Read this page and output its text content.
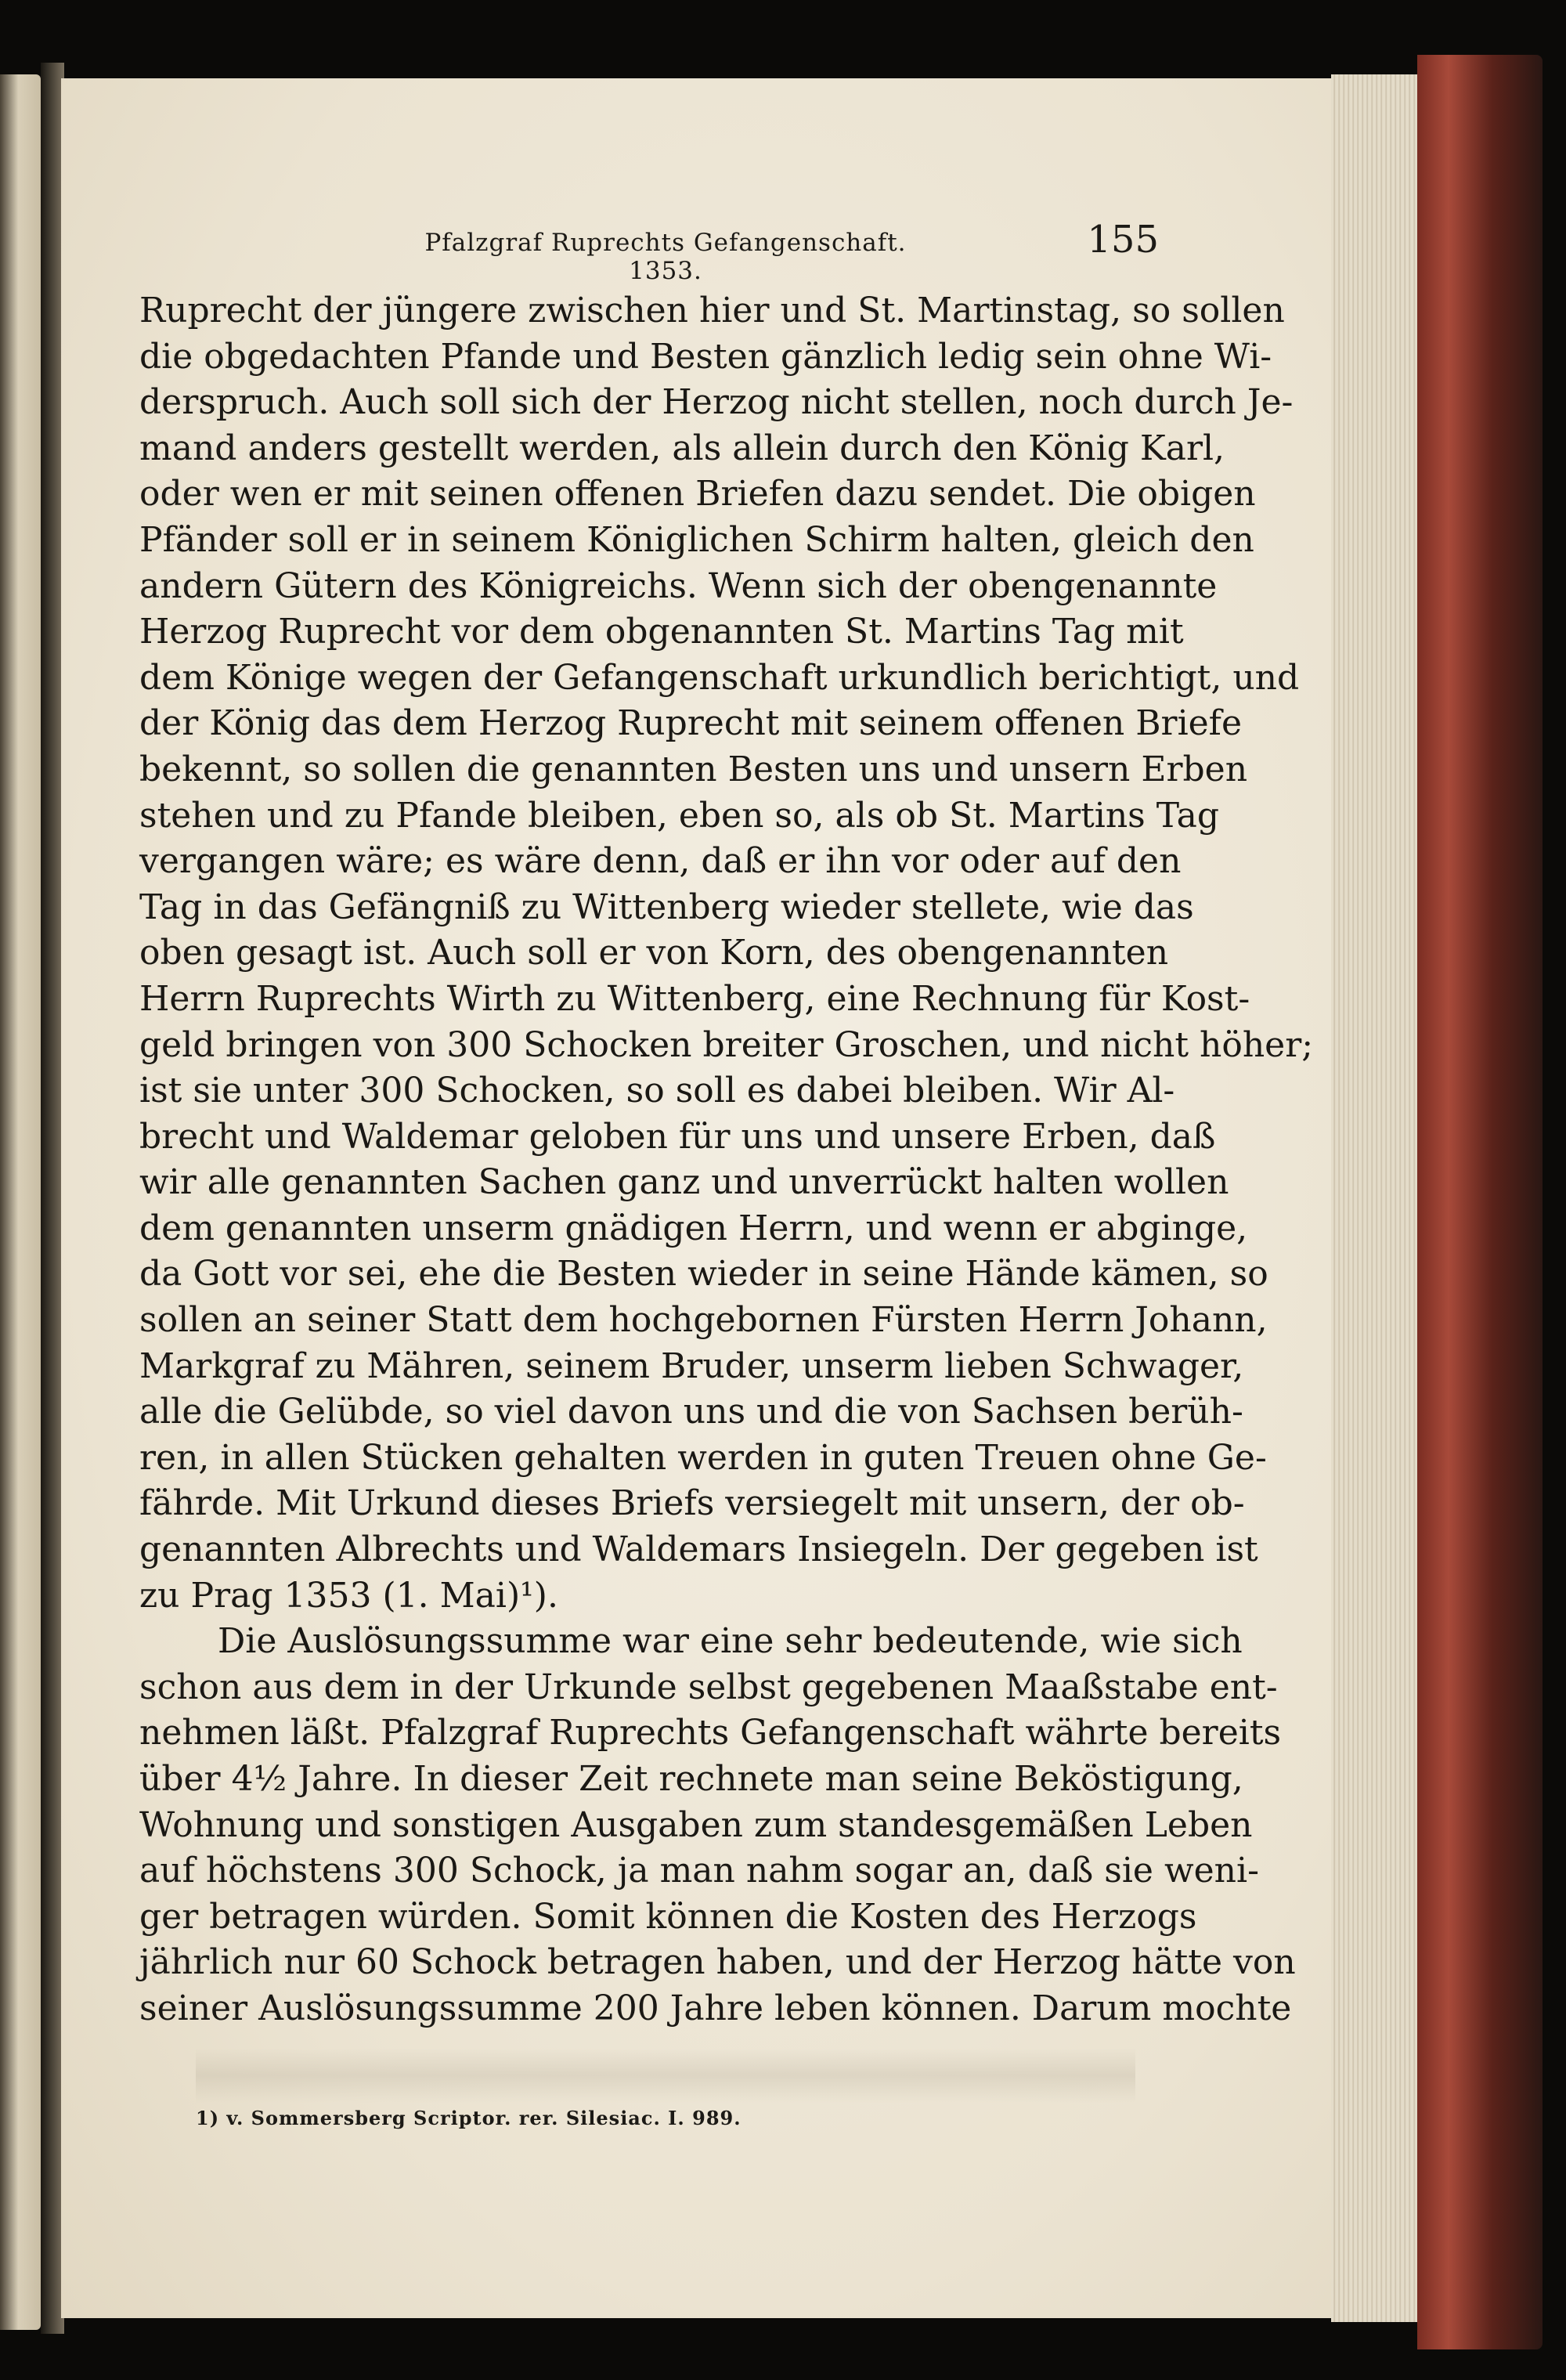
Pfalzgraf Ruprechts Gefangenschaft. 1353.
155
Ruprecht der jüngere zwischen hier und St. Martinstag, so sollen
die obgedachten Pfande und Besten gänzlich ledig sein ohne Wi-
derspruch. Auch soll sich der Herzog nicht stellen, noch durch Je-
mand anders gestellt werden, als allein durch den König Karl,
oder wen er mit seinen offenen Briefen dazu sendet. Die obigen
Pfänder soll er in seinem Königlichen Schirm halten, gleich den
andern Gütern des Königreichs. Wenn sich der obengenannte
Herzog Ruprecht vor dem obgenannten St. Martins Tag mit
dem Könige wegen der Gefangenschaft urkundlich berichtigt, und
der König das dem Herzog Ruprecht mit seinem offenen Briefe
bekennt, so sollen die genannten Besten uns und unsern Erben
stehen und zu Pfande bleiben, eben so, als ob St. Martins Tag
vergangen wäre; es wäre denn, daß er ihn vor oder auf den
Tag in das Gefängniß zu Wittenberg wieder stellete, wie das
oben gesagt ist. Auch soll er von Korn, des obengenannten
Herrn Ruprechts Wirth zu Wittenberg, eine Rechnung für Kost-
geld bringen von 300 Schocken breiter Groschen, und nicht höher;
ist sie unter 300 Schocken, so soll es dabei bleiben. Wir Al-
brecht und Waldemar geloben für uns und unsere Erben, daß
wir alle genannten Sachen ganz und unverrückt halten wollen
dem genannten unserm gnädigen Herrn, und wenn er abginge,
da Gott vor sei, ehe die Besten wieder in seine Hände kämen, so
sollen an seiner Statt dem hochgebornen Fürsten Herrn Johann,
Markgraf zu Mähren, seinem Bruder, unserm lieben Schwager,
alle die Gelübde, so viel davon uns und die von Sachsen berüh-
ren, in allen Stücken gehalten werden in guten Treuen ohne Ge-
fährde. Mit Urkund dieses Briefs versiegelt mit unsern, der ob-
genannten Albrechts und Waldemars Insiegeln. Der gegeben ist
zu Prag 1353 (1. Mai)¹).
Die Auslösungssumme war eine sehr bedeutende, wie sich
schon aus dem in der Urkunde selbst gegebenen Maaßstabe ent-
nehmen läßt. Pfalzgraf Ruprechts Gefangenschaft währte bereits
über 4½ Jahre. In dieser Zeit rechnete man seine Beköstigung,
Wohnung und sonstigen Ausgaben zum standesgemäßen Leben
auf höchstens 300 Schock, ja man nahm sogar an, daß sie weni-
ger betragen würden. Somit können die Kosten des Herzogs
jährlich nur 60 Schock betragen haben, und der Herzog hätte von
seiner Auslösungssumme 200 Jahre leben können. Darum mochte
1) v. Sommersberg Scriptor. rer. Silesiac. I. 989.
